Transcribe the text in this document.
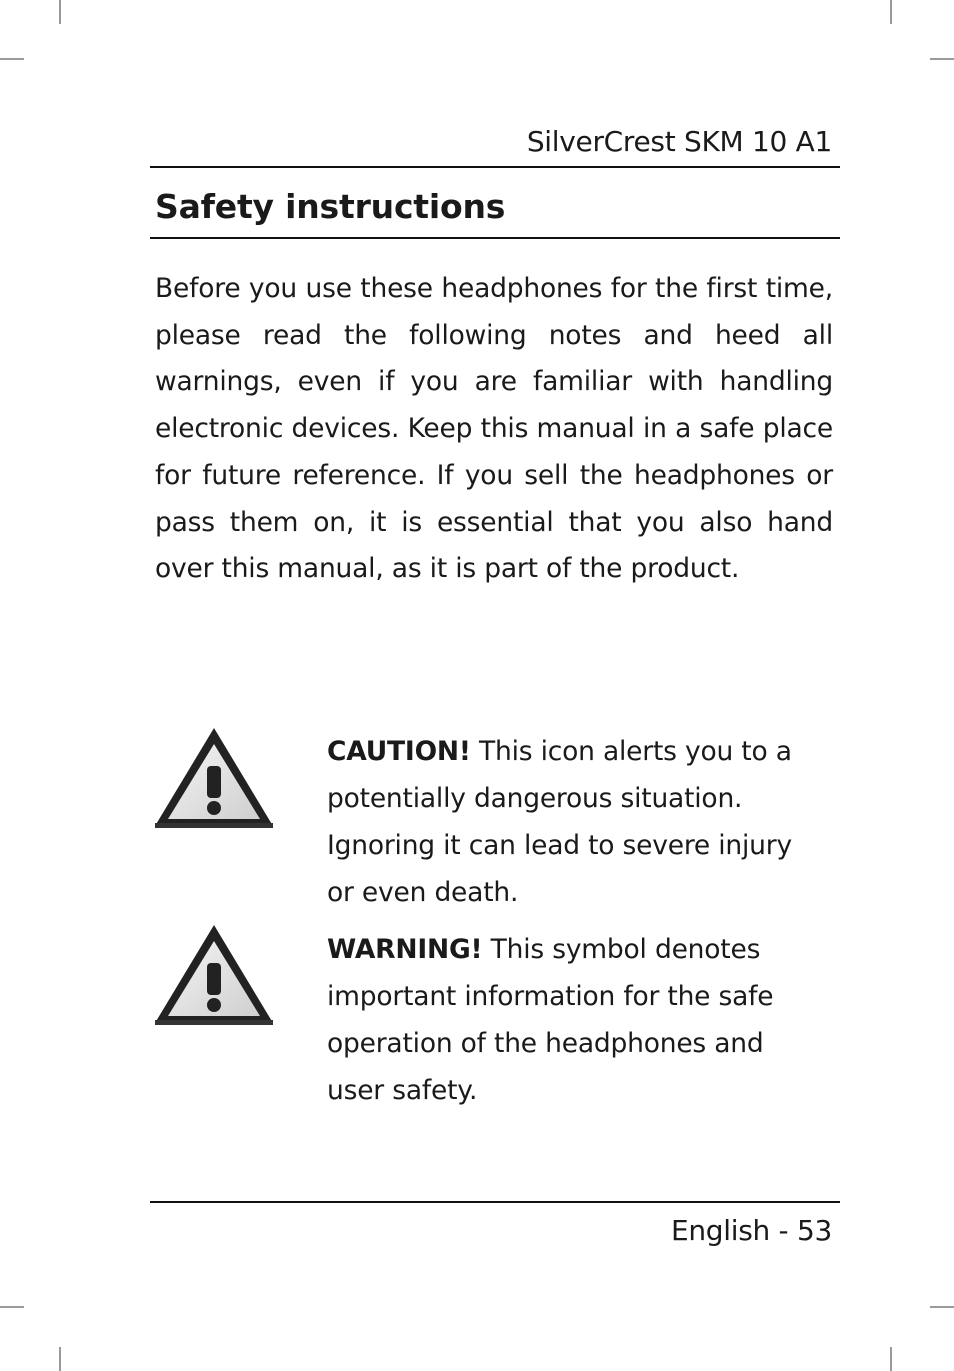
SilverCrest SKM 10 A1
Safety instructions

Before you use these headphones for the first time, please read the following notes and heed all warnings, even if you are familiar with handling electronic devices. Keep this manual in a safe place for future reference. If you sell the headphones or pass them on, it is essential that you also hand over this manual, as it is part of the product.

CAUTION! This icon alerts you to a potentially dangerous situation. Ignoring it can lead to severe injury or even death.

WARNING! This symbol denotes important information for the safe operation of the headphones and user safety.

English - 53
